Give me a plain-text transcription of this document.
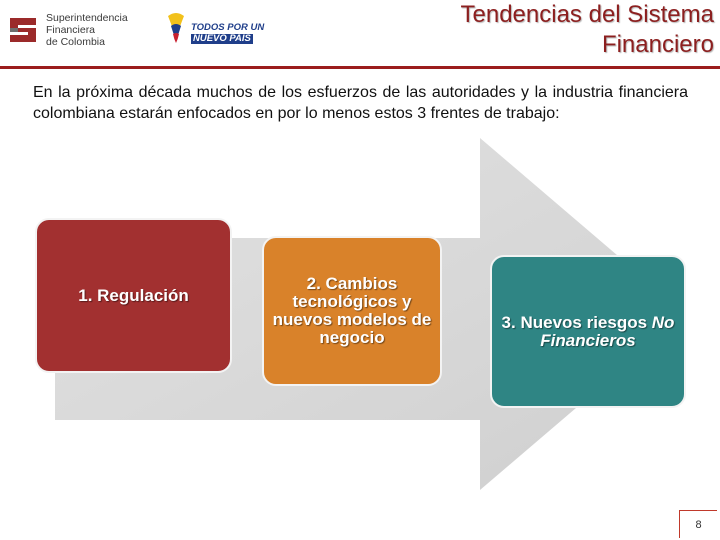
Superintendencia
Financiera
de Colombia
TODOS POR UN
NUEVO PAÍS
Tendencias del Sistema
Financiero
En la próxima década muchos de los esfuerzos de las autoridades y la industria financiera colombiana estarán enfocados en por lo menos estos 3 frentes de trabajo:
1. Regulación
2. Cambios tecnológicos y nuevos modelos de negocio
3. Nuevos riesgos No Financieros
8
